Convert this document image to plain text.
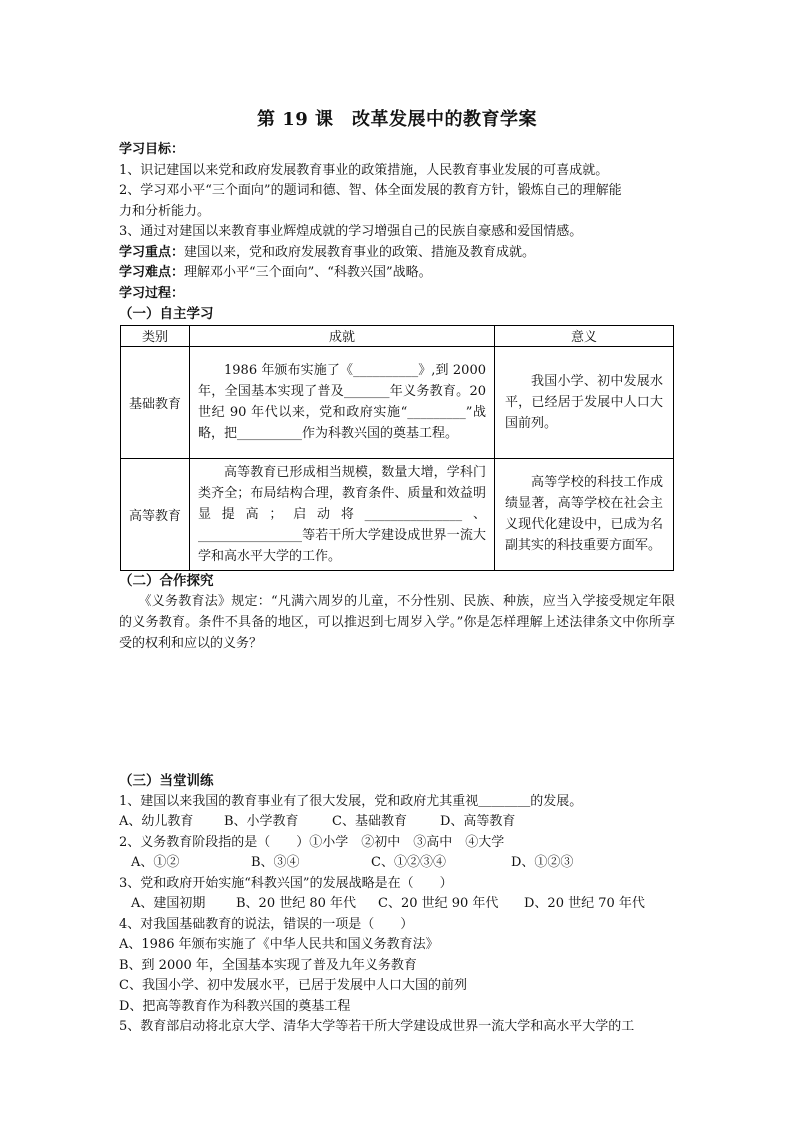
第 19 课　改革发展中的教育学案
学习目标：
1、识记建国以来党和政府发展教育事业的政策措施，人民教育事业发展的可喜成就。
2、学习邓小平“三个面向”的题词和德、智、体全面发展的教育方针，锻炼自己的理解能
力和分析能力。
3、通过对建国以来教育事业辉煌成就的学习增强自己的民族自豪感和爱国情感。
学习重点：建国以来，党和政府发展教育事业的政策、措施及教育成就。
学习难点：理解邓小平“三个面向”、“科教兴国”战略。
学习过程：
（一）自主学习
类别	成就	意义
基础教育	1986 年颁布实施了《__________》,到 2000 年，全国基本实现了普及_______年义务教育。20 世纪 90 年代以来，党和政府实施“_________”战略，把__________作为科教兴国的奠基工程。	我国小学、初中发展水平，已经居于发展中人口大国前列。
高等教育	高等教育已形成相当规模，数量大增，学科门类齐全；布局结构合理，教育条件、质量和效益明显提高；启动将_______________、________________等若干所大学建设成世界一流大学和高水平大学的工作。	高等学校的科技工作成绩显著，高等学校在社会主义现代化建设中，已成为名副其实的科技重要方面军。
（二）合作探究
《义务教育法》规定：“凡满六周岁的儿童，不分性别、民族、种族，应当入学接受规定年限的义务教育。条件不具备的地区，可以推迟到七周岁入学。”你是怎样理解上述法律条文中你所享受的权利和应以的义务？
（三）当堂训练
1、建国以来我国的教育事业有了很大发展，党和政府尤其重视＿＿＿＿的发展。
A、幼儿教育	B、小学教育	C、基础教育	D、高等教育
2、义务教育阶段指的是（　　）①小学　②初中　③高中　④大学
A、①②	B、③④	C、①②③④	D、①②③
3、党和政府开始实施“科教兴国”的发展战略是在（　　）
A、建国初期	B、20 世纪 80 年代	C、20 世纪 90 年代	D、20 世纪 70 年代
4、对我国基础教育的说法，错误的一项是（　　）
A、1986 年颁布实施了《中华人民共和国义务教育法》
B、到 2000 年，全国基本实现了普及九年义务教育
C、我国小学、初中发展水平，已居于发展中人口大国的前列
D、把高等教育作为科教兴国的奠基工程
5、教育部启动将北京大学、清华大学等若干所大学建设成世界一流大学和高水平大学的工
